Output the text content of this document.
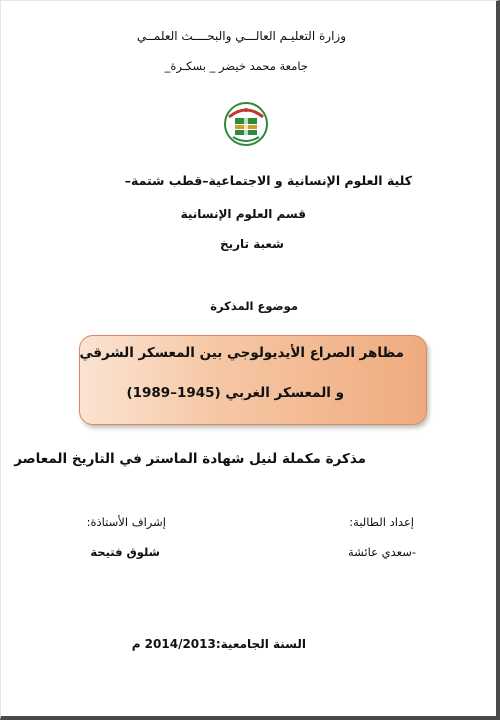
وزارة التعليـم العالـــي والبحــــث العلمــي
جامعة محمد خيضر _ بسكـرة_
كلية العلوم الإنسانية و الاجتماعية–قطب شتمة–
قسم العلوم الإنسانية
شعبة تاريخ
موضوع المذكرة
مظاهر الصراع الأيديولوجي بين المعسكر الشرقي
و المعسكر الغربي (1945–1989)
مذكرة مكملة لنيل شهادة الماستر في التاريخ المعاصر
إعداد الطالبة:
إشراف الأستاذة:
-سعدي عائشة
شلوق فتيحة
السنة الجامعية:2014/2013 م
